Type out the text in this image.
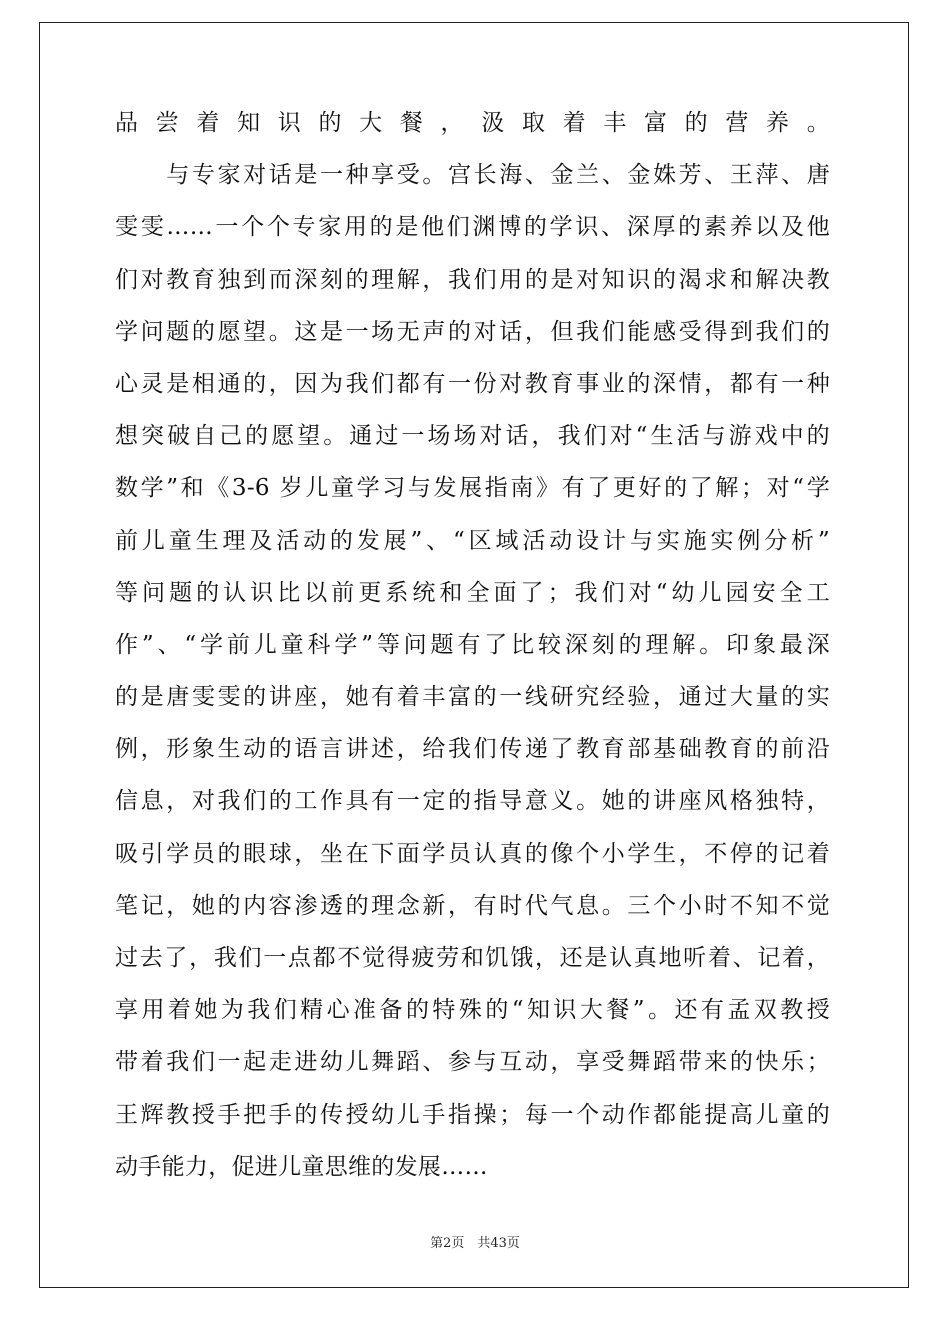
品尝着知识的大餐，汲取着丰富的营养。
　　与专家对话是一种享受。宫长海、金兰、金姝芳、王萍、唐
雯雯……一个个专家用的是他们渊博的学识、深厚的素养以及他
们对教育独到而深刻的理解，我们用的是对知识的渴求和解决教
学问题的愿望。这是一场无声的对话，但我们能感受得到我们的
心灵是相通的，因为我们都有一份对教育事业的深情，都有一种
想突破自己的愿望。通过一场场对话，我们对“生活与游戏中的
数学”和《3-6 岁儿童学习与发展指南》有了更好的了解；对“学
前儿童生理及活动的发展”、“区域活动设计与实施实例分析”
等问题的认识比以前更系统和全面了；我们对“幼儿园安全工
作”、“学前儿童科学”等问题有了比较深刻的理解。印象最深
的是唐雯雯的讲座，她有着丰富的一线研究经验，通过大量的实
例，形象生动的语言讲述，给我们传递了教育部基础教育的前沿
信息，对我们的工作具有一定的指导意义。她的讲座风格独特，
吸引学员的眼球，坐在下面学员认真的像个小学生，不停的记着
笔记，她的内容渗透的理念新，有时代气息。三个小时不知不觉
过去了，我们一点都不觉得疲劳和饥饿，还是认真地听着、记着，
享用着她为我们精心准备的特殊的“知识大餐”。还有孟双教授
带着我们一起走进幼儿舞蹈、参与互动，享受舞蹈带来的快乐；
王辉教授手把手的传授幼儿手指操；每一个动作都能提高儿童的
动手能力，促进儿童思维的发展……
第2页　共43页
